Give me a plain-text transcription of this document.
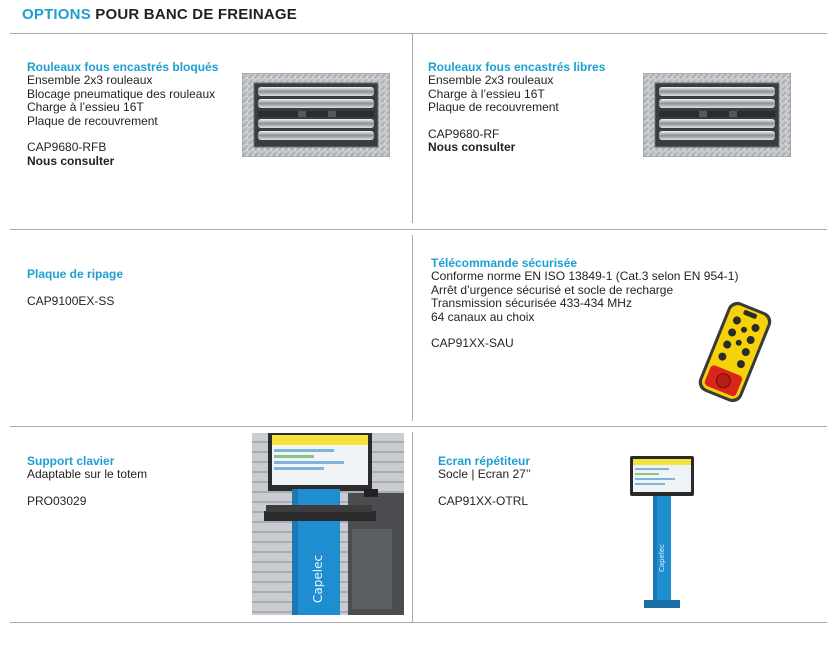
OPTIONS POUR BANC DE FREINAGE
Rouleaux fous encastrés bloqués
Ensemble 2x3 rouleaux
Blocage pneumatique des rouleaux
Charge à l’essieu 16T
Plaque de recouvrement
CAP9680-RFB
Nous consulter
Rouleaux fous encastrés libres
Ensemble 2x3 rouleaux
Charge à l’essieu 16T
Plaque de recouvrement
CAP9680-RF
Nous consulter
Plaque de ripage
CAP9100EX-SS
Télécommande sécurisée
Conforme norme EN ISO 13849-1 (Cat.3 selon EN 954-1)
Arrêt d’urgence sécurisé et socle de recharge
Transmission sécurisée 433-434 MHz
64 canaux au choix
CAP91XX-SAU
Support clavier
Adaptable sur le totem
PRO03029
Capelec
Ecran répétiteur
Socle | Ecran 27’’
CAP91XX-OTRL
Capelec
